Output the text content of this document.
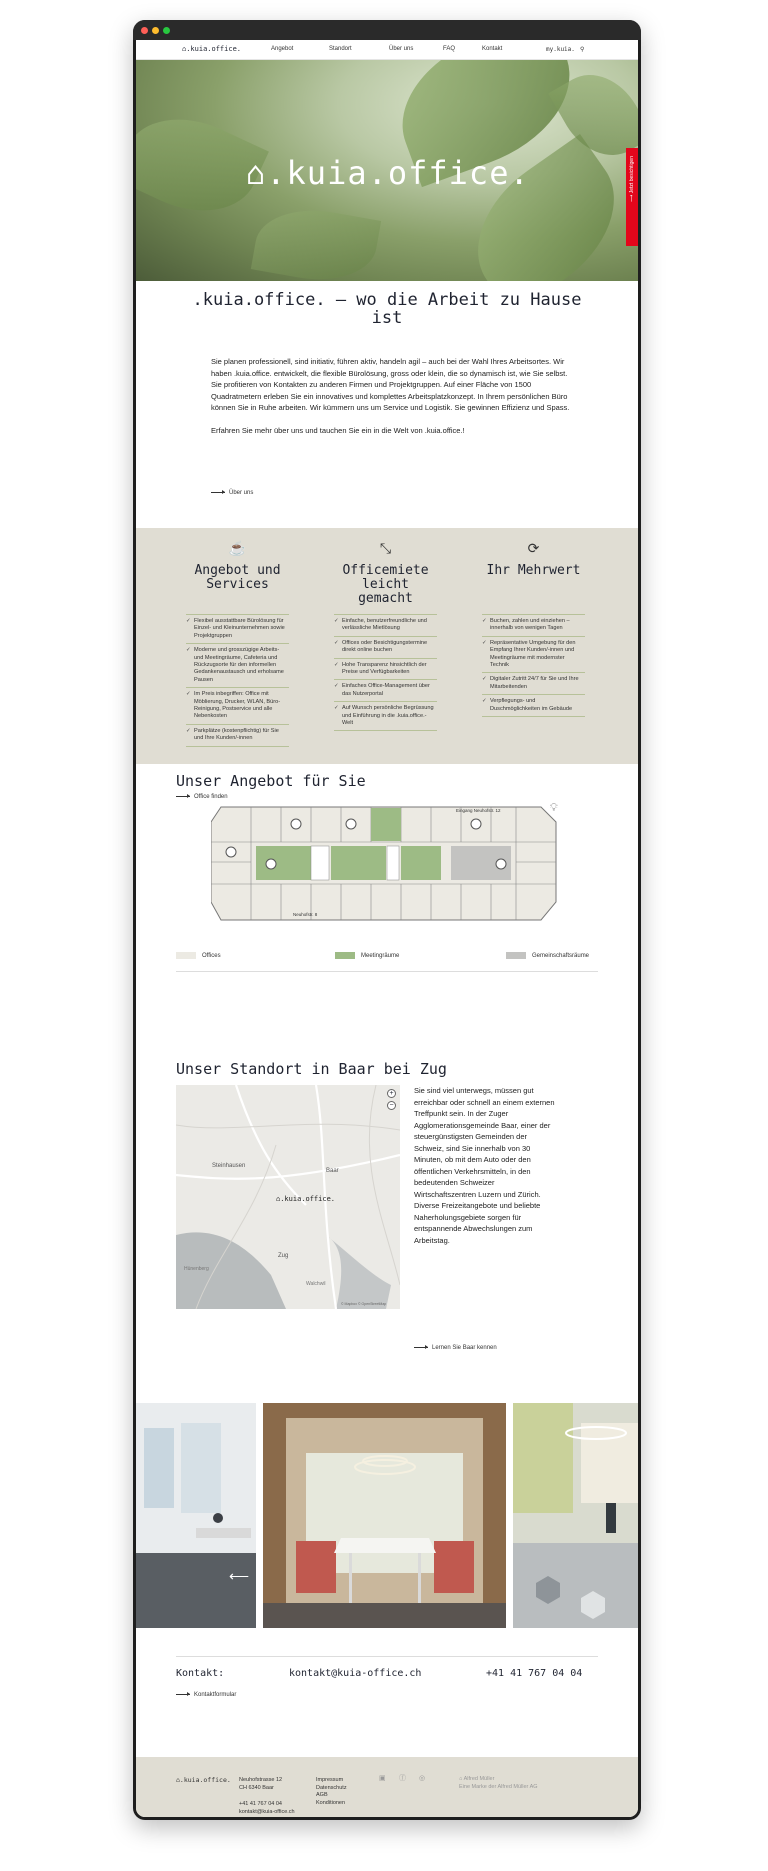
⌂.kuia.office.	Angebot	Standort	Über uns	FAQ	Kontakt	my.kuia. ⚲
⌂.kuia.office.	⟶ Jetzt besichtigen
.kuia.office. – wo die Arbeit zu Hause ist

Sie planen professionell, sind initiativ, führen aktiv, handeln agil – auch bei der Wahl Ihres Arbeitsortes. Wir haben .kuia.office. entwickelt, die flexible Bürolösung, gross oder klein, die so dynamisch ist, wie Sie selbst. Sie profitieren von Kontakten zu anderen Firmen und Projektgruppen. Auf einer Fläche von 1500 Quadratmetern erleben Sie ein innovatives und komplettes Arbeitsplatzkonzept. In Ihrem persönlichen Büro können Sie in Ruhe arbeiten. Wir kümmern uns um Service und Logistik. Sie gewinnen Effizienz und Spass.

Erfahren Sie mehr über uns und tauchen Sie ein in die Welt von .kuia.office.!

Über uns
☕
Angebot und Services
✓ Flexibel ausstattbare Bürolösung für Einzel- und Kleinunternehmen sowie Projektgruppen
✓ Moderne und grosszügige Arbeits- und Meetingräume, Cafeteria und Rückzugsorte für den informellen Gedankenaustausch und erholsame Pausen
✓ Im Preis inbegriffen: Office mit Möblierung, Drucker, WLAN, Büro-Reinigung, Postservice und alle Nebenkosten
✓ Parkplätze (kostenpflichtig) für Sie und Ihre Kunden/-innen
⤡
Officemiete leicht gemacht
✓ Einfache, benutzerfreundliche und verlässliche Mietlösung
✓ Offices oder Besichtigungstermine direkt online buchen
✓ Hohe Transparenz hinsichtlich der Preise und Verfügbarkeiten
✓ Einfaches Office-Management über das Nutzerportal
✓ Auf Wunsch persönliche Begrüssung und Einführung in die .kuia.office.-Welt
⟳
Ihr Mehrwert
✓ Buchen, zahlen und einziehen – innerhalb von wenigen Tagen
✓ Repräsentative Umgebung für den Empfang Ihrer Kunden/-innen und Meetingräume mit modernster Technik
✓ Digitaler Zutritt 24/7 für Sie und Ihre Mitarbeitenden
✓ Verpflegungs- und Duschmöglichkeiten im Gebäude
Unser Angebot für Sie
Office finden
💡︎
Eingang Neuhofstr. 12
Neuhofstr. 8
Offices	Meetingräume	Gemeinschaftsräume
Unser Standort in Baar bei Zug
Steinhausen
Baar
Zug
Hünenberg
Walchwil
⌂.kuia.office.
© Mapbox © OpenStreetMap
+
−
Sie sind viel unterwegs, müssen gut erreichbar oder schnell an einem externen Treffpunkt sein. In der Zuger Agglomerationsgemeinde Baar, einer der steuergünstigsten Gemeinden der Schweiz, sind Sie innerhalb von 30 Minuten, ob mit dem Auto oder den öffentlichen Verkehrsmitteln, in den bedeutenden Schweizer Wirtschaftszentren Luzern und Zürich. Diverse Freizeitangebote und beliebte Naherholungsgebiete sorgen für entspannende Abwechslungen zum Arbeitstag.
Lernen Sie Baar kennen
⟵
Kontakt:	kontakt@kuia-office.ch	+41 41 767 04 04
Kontaktformular
⌂.kuia.office. Neuhofstrasse 12
CH 6340 Baar
+41 41 767 04 04
kontakt@kuia-office.ch
Impressum
Datenschutz
AGB
Konditionen
▣ ⓕ ◎	⌂ Alfred Müller
Eine Marke der Alfred Müller AG
